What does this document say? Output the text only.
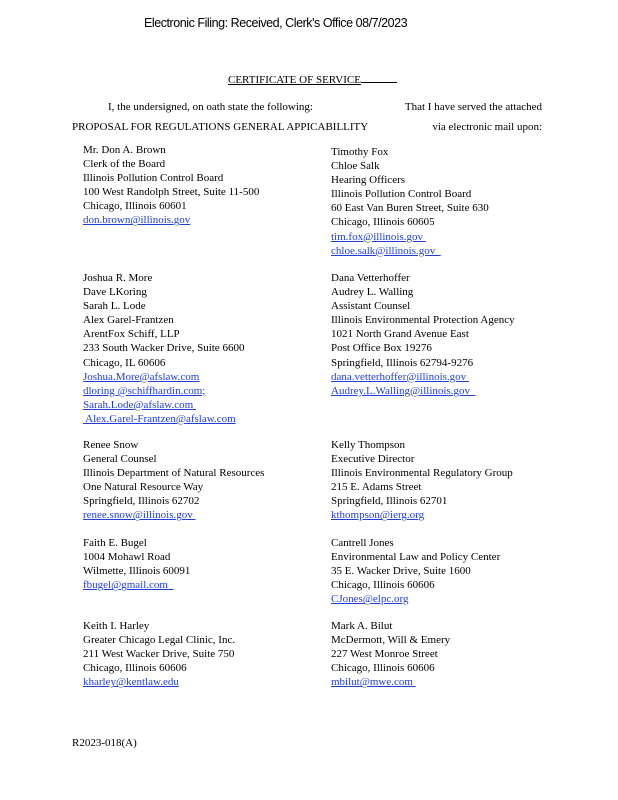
Electronic Filing: Received, Clerk's Office 08/7/2023
CERTIFICATE OF SERVICE
I, the undersigned, on oath state the following:	That I have served the attached
PROPOSAL FOR REGULATIONS GENERAL APPICABILLITY	via electronic mail upon:
Mr. Don A. Brown
Clerk of the Board
Illinois Pollution Control Board
100 West Randolph Street, Suite 11-500
Chicago, Illinois 60601
don.brown@illinois.gov
Joshua R. More
Dave LKoring
Sarah L. Lode
Alex Garel-Frantzen
ArentFox Schiff, LLP
233 South Wacker Drive, Suite 6600
Chicago, IL 60606
Joshua.More@afslaw.com
dloring @schiffhardin.com;
Sarah.Lode@afslaw.com
Alex.Garel-Frantzen@afslaw.com
Renee Snow
General Counsel
Illinois Department of Natural Resources
One Natural Resource Way
Springfield, Illinois 62702
renee.snow@illinois.gov
Faith E. Bugel
1004 Mohawl Road
Wilmette, Illinois 60091
fbugel@gmail.com
Keith I. Harley
Greater Chicago Legal Clinic, Inc.
211 West Wacker Drive, Suite 750
Chicago, Illinois 60606
kharley@kentlaw.edu
Timothy Fox
Chloe Salk
Hearing Officers
Illinois Pollution Control Board
60 East Van Buren Street, Suite 630
Chicago, Illinois 60605
tim.fox@illinois.gov
chloe.salk@illinois.gov
Dana Vetterhoffer
Audrey L. Walling
Assistant Counsel
Illinois Environmental Protection Agency
1021 North Grand Avenue East
Post Office Box 19276
Springfield, Illinois 62794-9276
dana.vetterhoffer@illinois.gov
Audrey.L.Walling@illinois.gov
Kelly Thompson
Executive Director
Illinois Environmental Regulatory Group
215 E. Adams Street
Springfield, Illinois 62701
kthompson@ierg.org
Cantrell Jones
Environmental Law and Policy Center
35 E. Wacker Drive, Suite 1600
Chicago, Illinois 60606
CJones@elpc.org
Mark A. Bilut
McDermott, Will & Emery
227 West Monroe Street
Chicago, Illinois 60606
mbilut@mwe.com
R2023-018(A)
